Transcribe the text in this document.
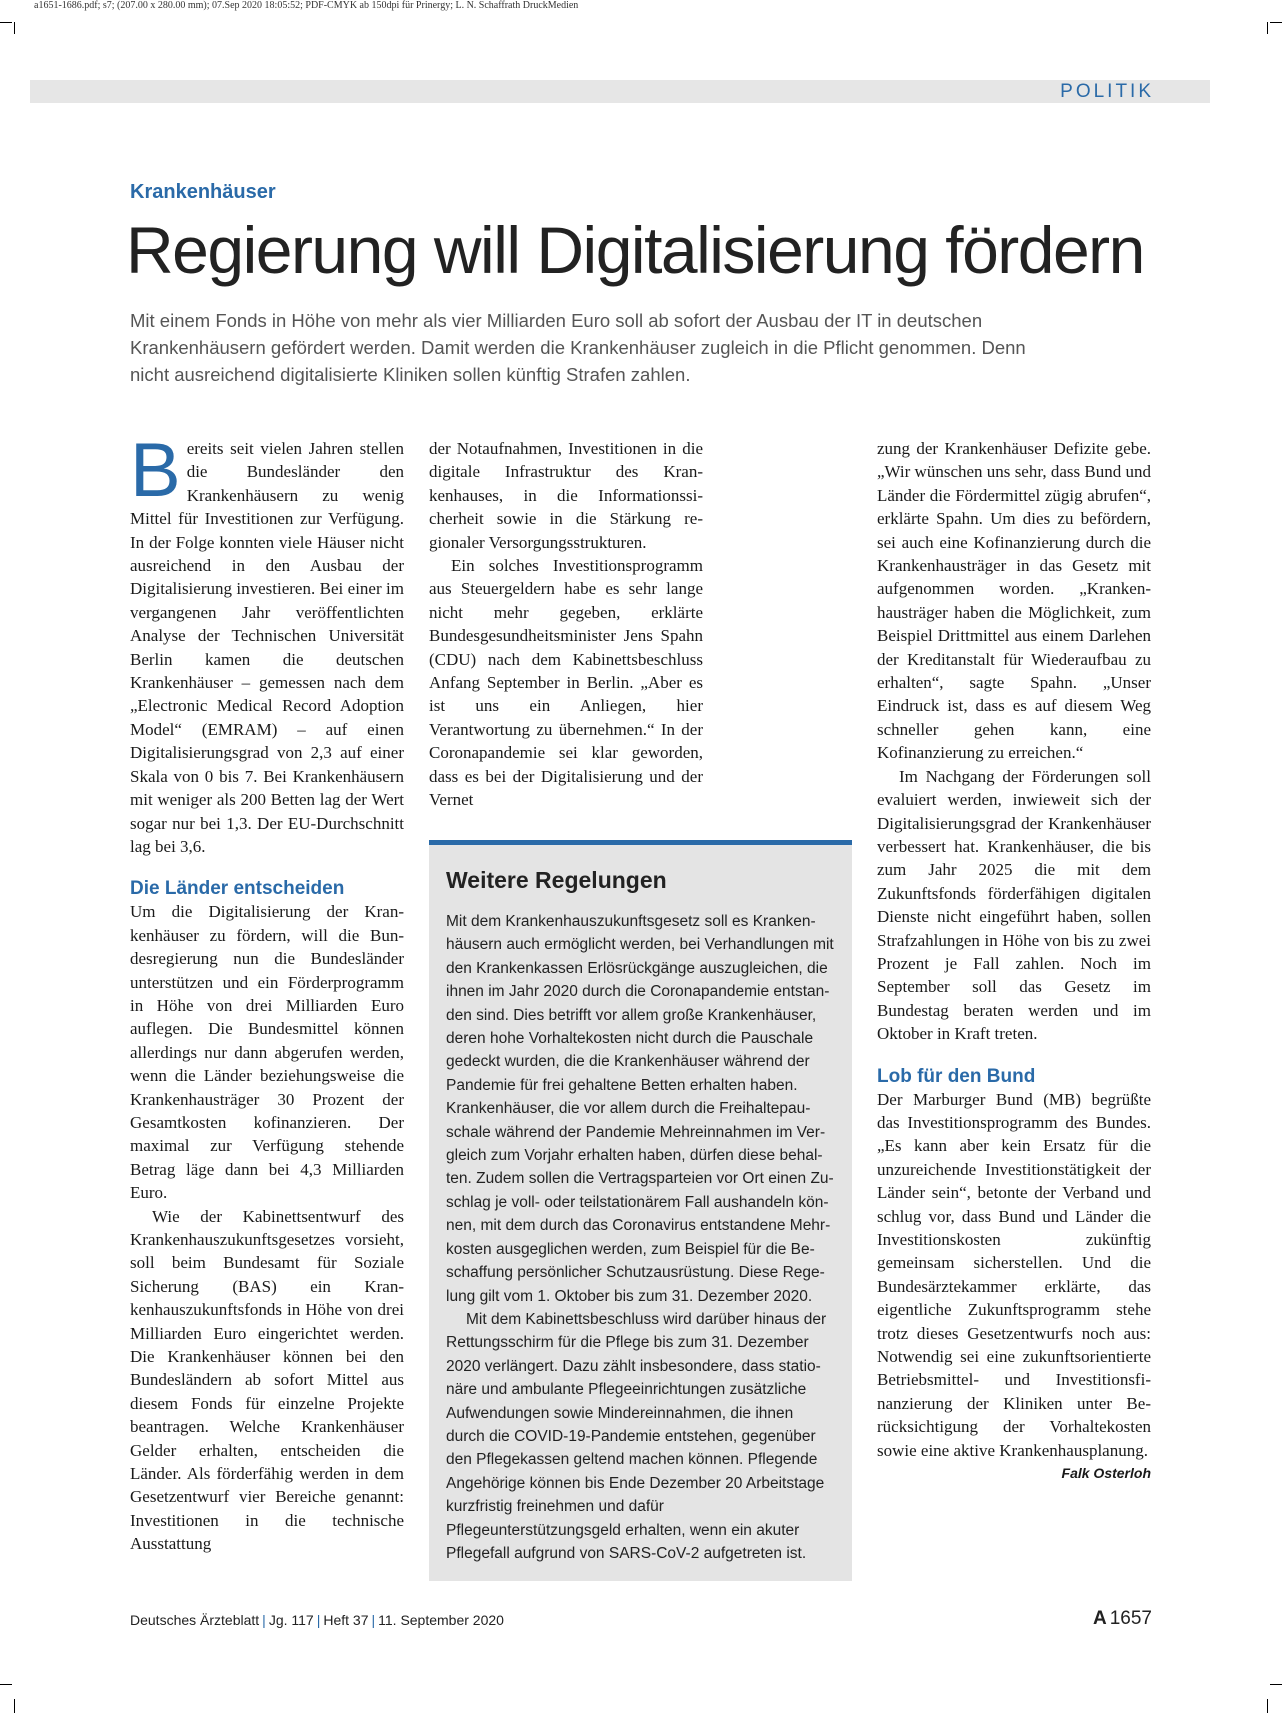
a1651-1686.pdf; s7; (207.00 x 280.00 mm); 07.Sep 2020 18:05:52; PDF-CMYK ab 150dpi für Prinergy; L. N. Schaffrath DruckMedien
POLITIK
Krankenhäuser
Regierung will Digitalisierung fördern
Mit einem Fonds in Höhe von mehr als vier Milliarden Euro soll ab sofort der Ausbau der IT in deutschen Krankenhäusern gefördert werden. Damit werden die Krankenhäuser zugleich in die Pflicht genommen. Denn nicht ausreichend digitalisierte Kliniken sollen künftig Strafen zahlen.

Bereits seit vielen Jahren stellen die Bundesländer den Krankenhäusern zu wenig Mittel für Investitionen zur Verfügung. In der Folge konnten viele Häuser nicht ausreichend in den Ausbau der Digitalisierung investieren. Bei einer im vergangenen Jahr veröffentlichten Analyse der Technischen Universität Berlin kamen die deutschen Krankenhäuser – gemessen nach dem „Electronic Medical Record Adoption Model“ (EMRAM) – auf einen Digitalisierungsgrad von 2,3 auf einer Skala von 0 bis 7. Bei Krankenhäusern mit weniger als 200 Betten lag der Wert sogar nur bei 1,3. Der EU-Durchschnitt lag bei 3,6.

Die Länder entscheiden

Um die Digitalisierung der Krankenhäuser zu fördern, will die Bundesregierung nun die Bundesländer unterstützen und ein Förderprogramm in Höhe von drei Milliarden Euro auflegen. Die Bundesmittel können allerdings nur dann abgerufen werden, wenn die Länder beziehungsweise die Krankenhausträger 30 Prozent der Gesamtkosten kofinanzieren. Der maximal zur Verfügung stehende Betrag läge dann bei 4,3 Milliarden Euro.

Wie der Kabinettsentwurf des Krankenhauszukunftsgesetzes vorsieht, soll beim Bundesamt für Soziale Sicherung (BAS) ein Krankenhauszukunftsfonds in Höhe von drei Milliarden Euro eingerichtet werden. Die Krankenhäuser können bei den Bundesländern ab sofort Mittel aus diesem Fonds für einzelne Projekte beantragen. Welche Krankenhäuser Gelder erhalten, entscheiden die Länder. Als förderfähig werden in dem Gesetzentwurf vier Bereiche genannt: Investitionen in die technische Ausstattung

der Notaufnahmen, Investitionen in die digitale Infrastruktur des Krankenhauses, in die Informationssicherheit sowie in die Stärkung regionaler Versorgungsstrukturen.

Ein solches Investitionsprogramm aus Steuergeldern habe es sehr lange nicht mehr gegeben, erklärte Bundesgesundheitsminister Jens Spahn (CDU) nach dem Kabinettsbeschluss Anfang September in Berlin. „Aber es ist uns ein Anliegen, hier Verantwortung zu übernehmen.“ In der Coronapandemie sei klar geworden, dass es bei der Digitalisierung und der Vernet

zung der Krankenhäuser Defizite gebe. „Wir wünschen uns sehr, dass Bund und Länder die Fördermittel zügig abrufen“, erklärte Spahn. Um dies zu befördern, sei auch eine Kofinanzierung durch die Krankenhausträger in das Gesetz mit aufgenommen worden. „Krankenhausträger haben die Möglichkeit, zum Beispiel Drittmittel aus einem Darlehen der Kreditanstalt für Wiederaufbau zu erhalten“, sagte Spahn. „Unser Eindruck ist, dass es auf diesem Weg schneller gehen kann, eine Kofinanzierung zu erreichen.“

Im Nachgang der Förderungen soll evaluiert werden, inwieweit sich der Digitalisierungsgrad der Krankenhäuser verbessert hat. Krankenhäuser, die bis zum Jahr 2025 die mit dem Zukunftsfonds förderfähigen digitalen Dienste nicht eingeführt haben, sollen Strafzahlungen in Höhe von bis zu zwei Prozent je Fall zahlen. Noch im September soll das Gesetz im Bundestag beraten werden und im Oktober in Kraft treten.

Lob für den Bund

Der Marburger Bund (MB) begrüßte das Investitionsprogramm des Bundes. „Es kann aber kein Ersatz für die unzureichende Investitionstätigkeit der Länder sein“, betonte der Verband und schlug vor, dass Bund und Länder die Investitionskosten zukünftig gemeinsam sicherstellen. Und die Bundesärztekammer erklärte, das eigentliche Zukunftsprogramm stehe trotz dieses Gesetzentwurfs noch aus: Notwendig sei eine zukunftsorientierte Betriebsmittel- und Investitionsfinanzierung der Kliniken unter Berücksichtigung der Vorhaltekosten sowie eine aktive Krankenhausplanung.
Falk Osterloh

Weitere Regelungen

Mit dem Krankenhauszukunftsgesetz soll es Krankenhäusern auch ermöglicht werden, bei Verhandlungen mit den Krankenkassen Erlösrückgänge auszugleichen, die ihnen im Jahr 2020 durch die Coronapandemie entstanden sind. Dies betrifft vor allem große Krankenhäuser, deren hohe Vorhaltekosten nicht durch die Pauschale gedeckt wurden, die die Krankenhäuser während der Pandemie für frei gehaltene Betten erhalten haben. Krankenhäuser, die vor allem durch die Freihaltepauschale während der Pandemie Mehreinnahmen im Vergleich zum Vorjahr erhalten haben, dürfen diese behalten. Zudem sollen die Vertragsparteien vor Ort einen Zuschlag je voll- oder teilstationärem Fall aushandeln können, mit dem durch das Coronavirus entstandene Mehrkosten ausgeglichen werden, zum Beispiel für die Beschaffung persönlicher Schutzausrüstung. Diese Regelung gilt vom 1. Oktober bis zum 31. Dezember 2020.

Mit dem Kabinettsbeschluss wird darüber hinaus der Rettungsschirm für die Pflege bis zum 31. Dezember 2020 verlängert. Dazu zählt insbesondere, dass stationäre und ambulante Pflegeeinrichtungen zusätzliche Aufwendungen sowie Mindereinnahmen, die ihnen durch die COVID-19-Pandemie entstehen, gegenüber den Pflegekassen geltend machen können. Pflegende Angehörige können bis Ende Dezember 20 Arbeitstage kurzfristig freinehmen und dafür Pflegeunterstützungsgeld erhalten, wenn ein akuter Pflegefall aufgrund von SARS-CoV-2 aufgetreten ist.

Deutsches Ärzteblatt | Jg. 117 | Heft 37 | 11. September 2020	A 1657
